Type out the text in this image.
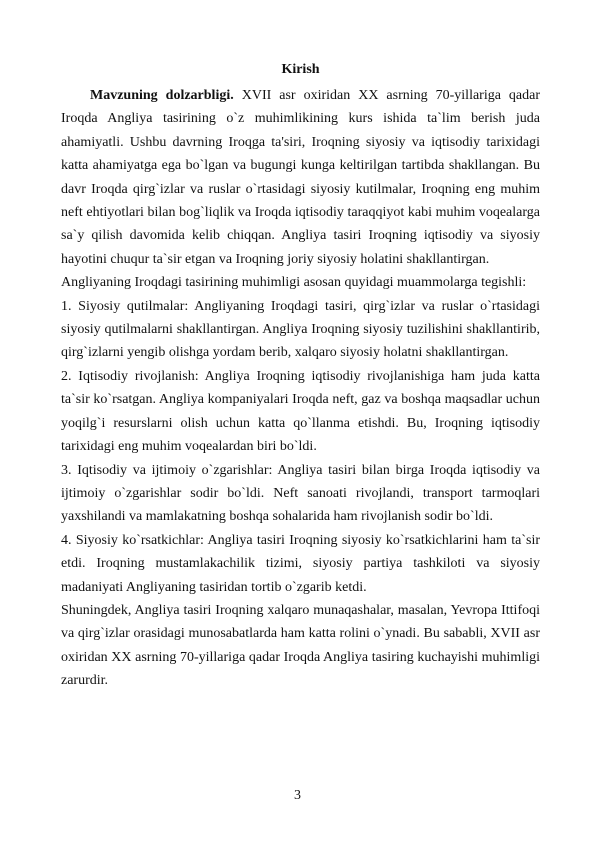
Kirish

Mavzuning dolzarbligi. XVII asr oxiridan XX asrning 70-yillariga qadar Iroqda Angliya tasirining o`z muhimlikining kurs ishida ta`lim berish juda ahamiyatli. Ushbu davrning Iroqga ta'siri, Iroqning siyosiy va iqtisodiy tarixidagi katta ahamiyatga ega bo`lgan va bugungi kunga keltirilgan tartibda shakllangan. Bu davr Iroqda qirg`izlar va ruslar o`rtasidagi siyosiy kutilmalar, Iroqning eng muhim neft ehtiyotlari bilan bog`liqlik va Iroqda iqtisodiy taraqqiyot kabi muhim voqealarga sa`y qilish davomida kelib chiqqan. Angliya tasiri Iroqning iqtisodiy va siyosiy hayotini chuqur ta`sir etgan va Iroqning joriy siyosiy holatini shakllantirgan.

Angliyaning Iroqdagi tasirining muhimligi asosan quyidagi muammolarga tegishli:

1. Siyosiy qutilmalar: Angliyaning Iroqdagi tasiri, qirg`izlar va ruslar o`rtasidagi siyosiy qutilmalarni shakllantirgan. Angliya Iroqning siyosiy tuzilishini shakllantirib, qirg`izlarni yengib olishga yordam berib, xalqaro siyosiy holatni shakllantirgan.

2. Iqtisodiy rivojlanish: Angliya Iroqning iqtisodiy rivojlanishiga ham juda katta ta`sir ko`rsatgan. Angliya kompaniyalari Iroqda neft, gaz va boshqa maqsadlar uchun yoqilg`i resurslarni olish uchun katta qo`llanma etishdi. Bu, Iroqning iqtisodiy tarixidagi eng muhim voqealardan biri bo`ldi.

3. Iqtisodiy va ijtimoiy o`zgarishlar: Angliya tasiri bilan birga Iroqda iqtisodiy va ijtimoiy o`zgarishlar sodir bo`ldi. Neft sanoati rivojlandi, transport tarmoqlari yaxshilandi va mamlakatning boshqa sohalarida ham rivojlanish sodir bo`ldi.

4. Siyosiy ko`rsatkichlar: Angliya tasiri Iroqning siyosiy ko`rsatkichlarini ham ta`sir etdi. Iroqning mustamlakachilik tizimi, siyosiy partiya tashkiloti va siyosiy madaniyati Angliyaning tasiridan tortib o`zgarib ketdi.

Shuningdek, Angliya tasiri Iroqning xalqaro munaqashalar, masalan, Yevropa Ittifoqi va qirg`izlar orasidagi munosabatlarda ham katta rolini o`ynadi. Bu sababli, XVII asr oxiridan XX asrning 70-yillariga qadar Iroqda Angliya tasiring kuchayishi muhimligi zarurdir.

3
